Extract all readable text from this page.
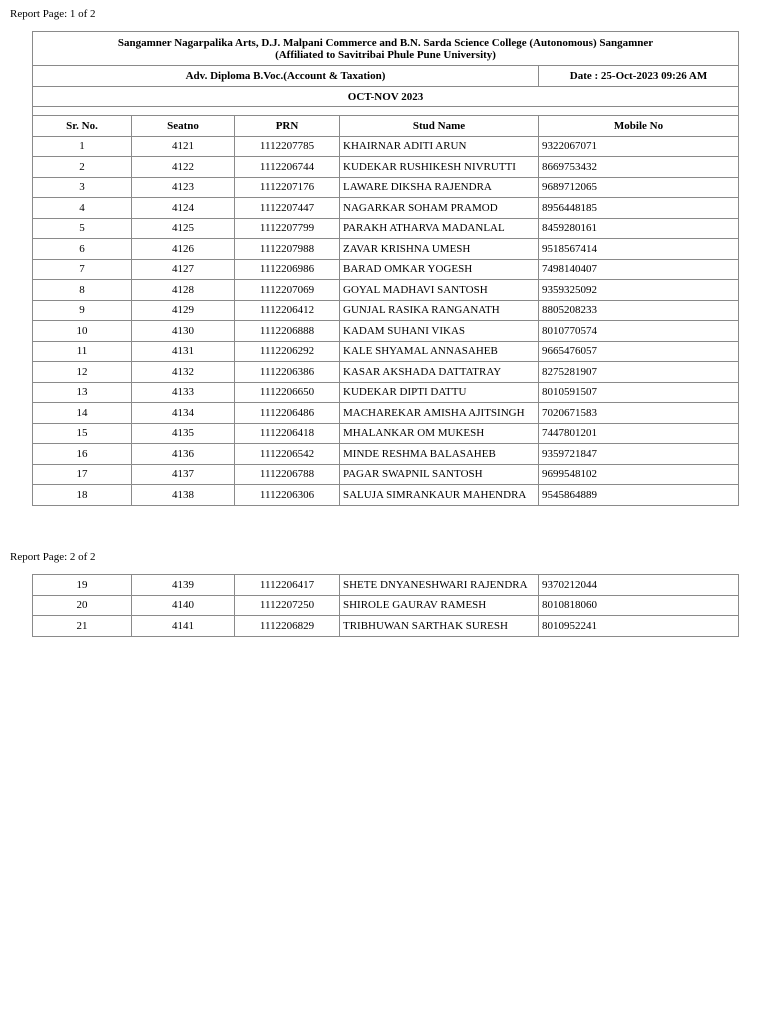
Report Page: 1 of 2
Sangamner Nagarpalika Arts, D.J. Malpani Commerce and B.N. Sarda Science College (Autonomous) Sangamner
(Affiliated to Savitribai Phule Pune University)				

Adv. Diploma B.Voc.(Account & Taxation)				Date : 25-Oct-2023 09:26 AM
OCT-NOV 2023				

Sr. No.	Seatno	PRN	Stud Name	Mobile No
1	4121	1112207785	KHAIRNAR ADITI ARUN	9322067071
2	4122	1112206744	KUDEKAR RUSHIKESH NIVRUTTI	8669753432
3	4123	1112207176	LAWARE DIKSHA RAJENDRA	9689712065
4	4124	1112207447	NAGARKAR SOHAM PRAMOD	8956448185
5	4125	1112207799	PARAKH ATHARVA MADANLAL	8459280161
6	4126	1112207988	ZAVAR KRISHNA UMESH	9518567414
7	4127	1112206986	BARAD OMKAR YOGESH	7498140407
8	4128	1112207069	GOYAL MADHAVI SANTOSH	9359325092
9	4129	1112206412	GUNJAL RASIKA RANGANATH	8805208233
10	4130	1112206888	KADAM SUHANI VIKAS	8010770574
11	4131	1112206292	KALE SHYAMAL ANNASAHEB	9665476057
12	4132	1112206386	KASAR AKSHADA DATTATRAY	8275281907
13	4133	1112206650	KUDEKAR DIPTI DATTU	8010591507
14	4134	1112206486	MACHAREKAR AMISHA AJITSINGH	7020671583
15	4135	1112206418	MHALANKAR OM MUKESH	7447801201
16	4136	1112206542	MINDE RESHMA BALASAHEB	9359721847
17	4137	1112206788	PAGAR SWAPNIL SANTOSH	9699548102
18	4138	1112206306	SALUJA SIMRANKAUR MAHENDRA	9545864889
Report Page: 2 of 2
19	4139	1112206417	SHETE DNYANESHWARI RAJENDRA	9370212044
20	4140	1112207250	SHIROLE GAURAV RAMESH	8010818060
21	4141	1112206829	TRIBHUWAN SARTHAK SURESH	8010952241
